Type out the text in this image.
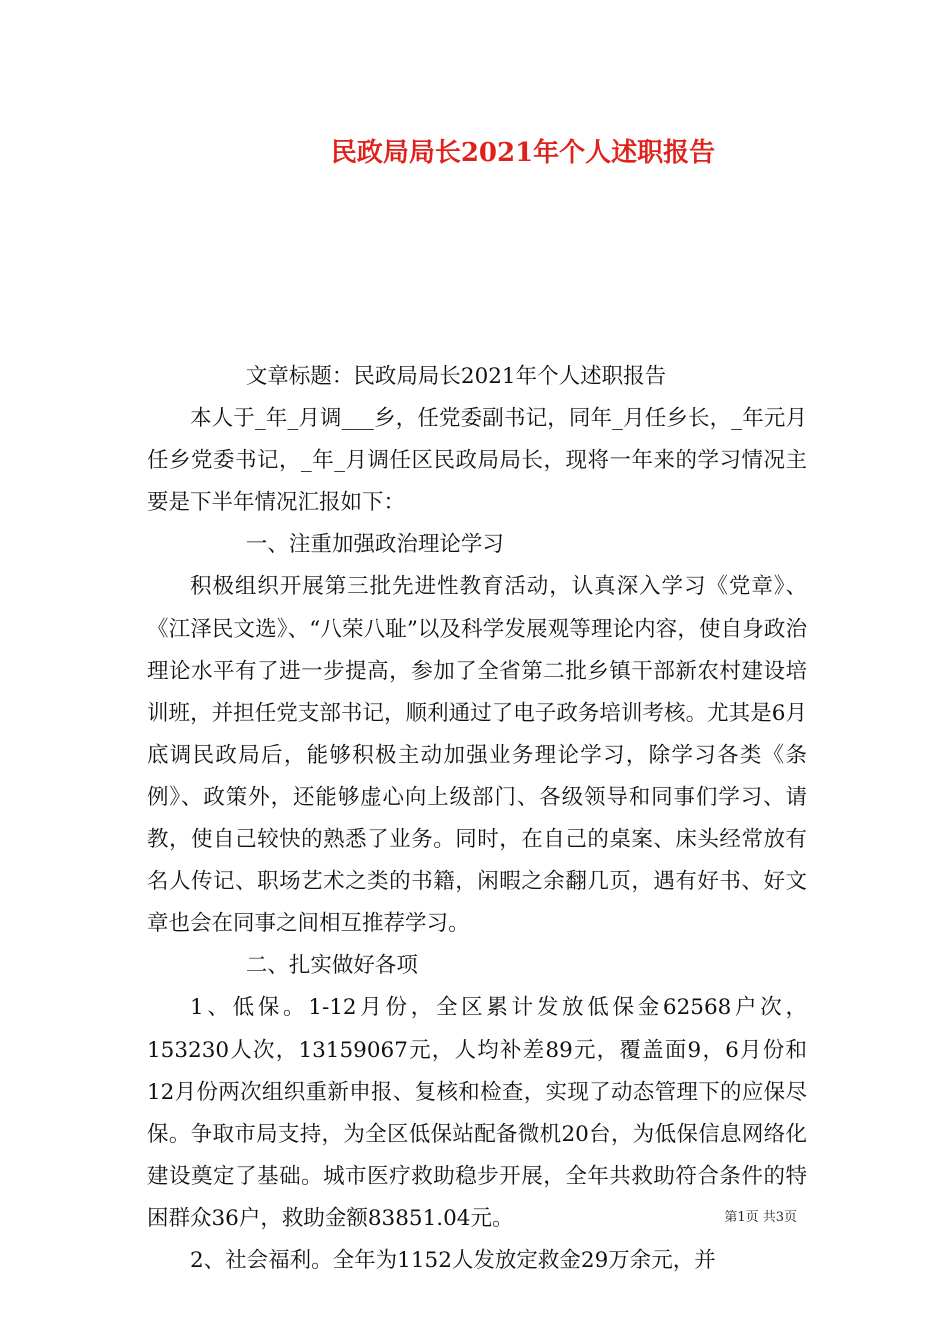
民政局局长2021年个人述职报告

文章标题：民政局局长2021年个人述职报告

本人于_年_月调___乡，任党委副书记，同年_月任乡长，_年元月任乡党委书记，_年_月调任区民政局局长，现将一年来的学习情况主要是下半年情况汇报如下：

一、注重加强政治理论学习

积极组织开展第三批先进性教育活动，认真深入学习《党章》、《江泽民文选》、“八荣八耻”以及科学发展观等理论内容，使自身政治理论水平有了进一步提高，参加了全省第二批乡镇干部新农村建设培训班，并担任党支部书记，顺利通过了电子政务培训考核。尤其是6月底调民政局后，能够积极主动加强业务理论学习，除学习各类《条例》、政策外，还能够虚心向上级部门、各级领导和同事们学习、请教，使自己较快的熟悉了业务。同时，在自己的桌案、床头经常放有名人传记、职场艺术之类的书籍，闲暇之余翻几页，遇有好书、好文章也会在同事之间相互推荐学习。

二、扎实做好各项

1、低保。1-12月份，全区累计发放低保金62568户次，153230人次，13159067元，人均补差89元，覆盖面9，6月份和12月份两次组织重新申报、复核和检查，实现了动态管理下的应保尽保。争取市局支持，为全区低保站配备微机20台，为低保信息网络化建设奠定了基础。城市医疗救助稳步开展，全年共救助符合条件的特困群众36户，救助金额83851.04元。

2、社会福利。全年为1152人发放定救金29万余元，并

第1页 共3页
